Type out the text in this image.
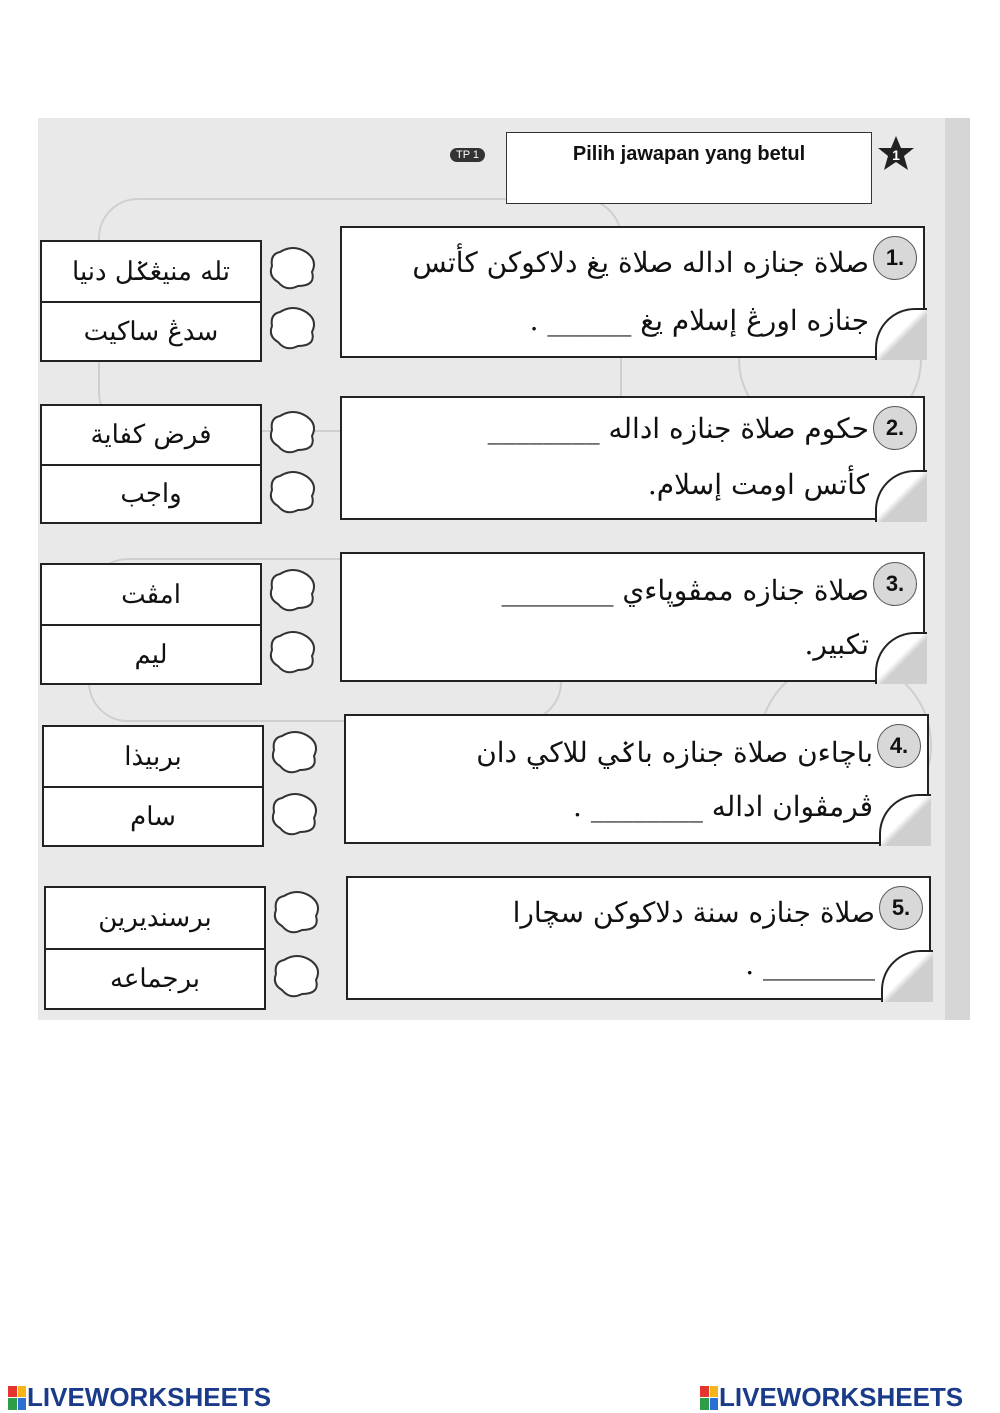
TP 1	Pilih jawapan yang betul	1
تله منيڠݢل دنيا
سدڠ ساكيت
1.
صلاة جنازه اداله صلاة يغ دلاكوكن كأتس
جنازه اورڠ إسلام يغ ______ .
فرض كفاية
واجب
2.
حكوم صلاة جنازه اداله ________
كأتس اومت إسلام.
امڤت
ليم
3.
صلاة جنازه ممڤوڽاءي ________
تكبير.
بربيذا
سام
4.
باچاءن صلاة جنازه باݢي للاكي دان
ڤرمڤوان اداله ________ .
برسنديرين
برجماعه
5.
صلاة جنازه سنة دلاكوكن سچارا
________ .
LIVEWORKSHEETS	LIVEWORKSHEETS
